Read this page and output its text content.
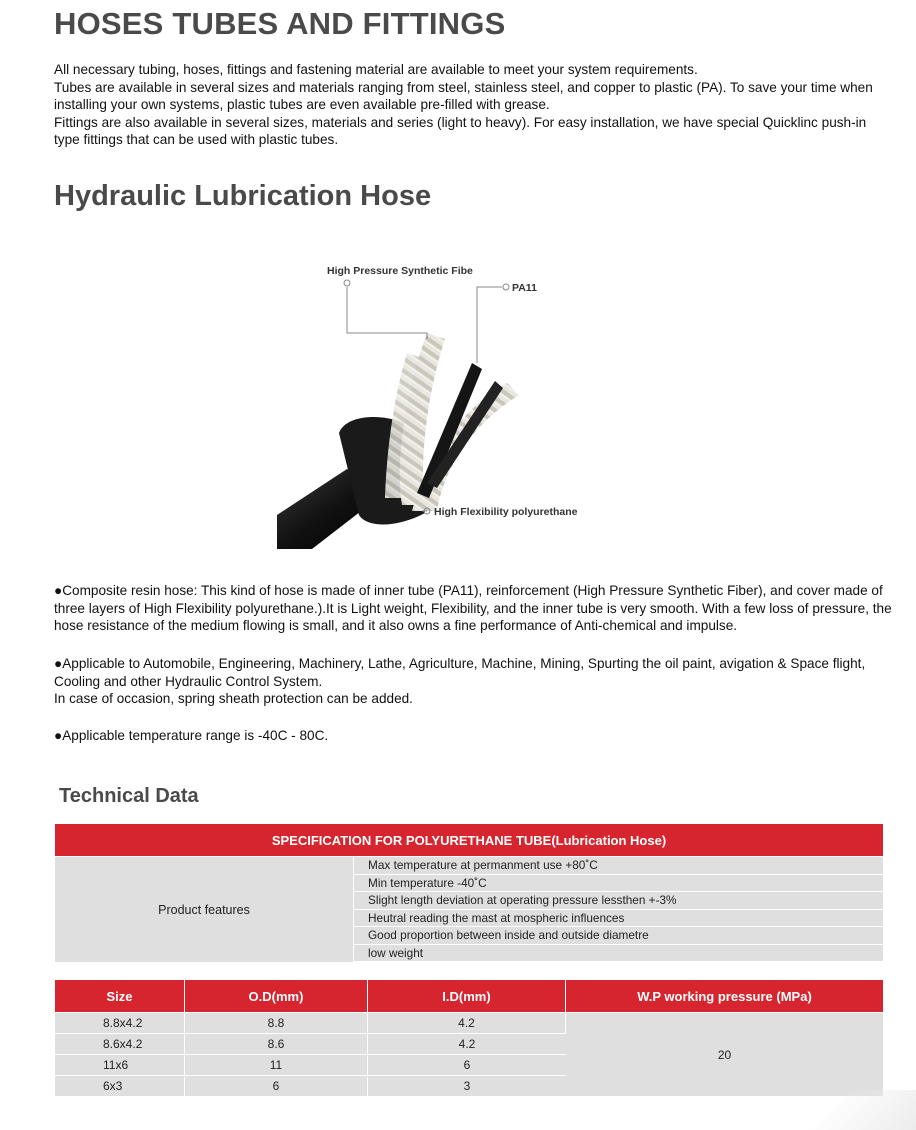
HOSES TUBES AND FITTINGS

All necessary tubing, hoses, fittings and fastening material are available to meet your system requirements.

Tubes are available in several sizes and materials ranging from steel, stainless steel, and copper to plastic (PA). To save your time when installing your own systems, plastic tubes are even available pre-filled with grease.

Fittings are also available in several sizes, materials and series (light to heavy). For easy installation, we have special Quicklinc push-in type fittings that can be used with plastic tubes.

Hydraulic Lubrication Hose
High Pressure Synthetic Fibe
PA11
High Flexibility polyurethane

●Composite resin hose: This kind of hose is made of inner tube (PA11), reinforcement (High Pressure Synthetic Fiber), and cover made of three layers of High Flexibility polyurethane.).It is Light weight, Flexibility, and the inner tube is very smooth. With a few loss of pressure, the hose resistance of the medium flowing is small, and it also owns a fine performance of Anti-chemical and impulse.

●Applicable to Automobile, Engineering, Machinery, Lathe, Agriculture, Machine, Mining, Spurting the oil paint, avigation & Space flight, Cooling and other Hydraulic Control System.

In case of occasion, spring sheath protection can be added.

●Applicable temperature range is -40C - 80C.

Technical Data
SPECIFICATION FOR POLYURETHANE TUBE(Lubrication Hose)
Product features
Max temperature at permanment use +80˚C
Min temperature -40˚C
Slight length deviation at operating pressure lessthen +-3%
Heutral reading the mast at mospheric influences
Good proportion between inside and outside diametre
low weight
Size	O.D(mm)	I.D(mm)	W.P working pressure (MPa)
8.8x4.2	8.8	4.2	20
8.6x4.2	8.6	4.2	
11x6	11	6	
6x3	6	3	
